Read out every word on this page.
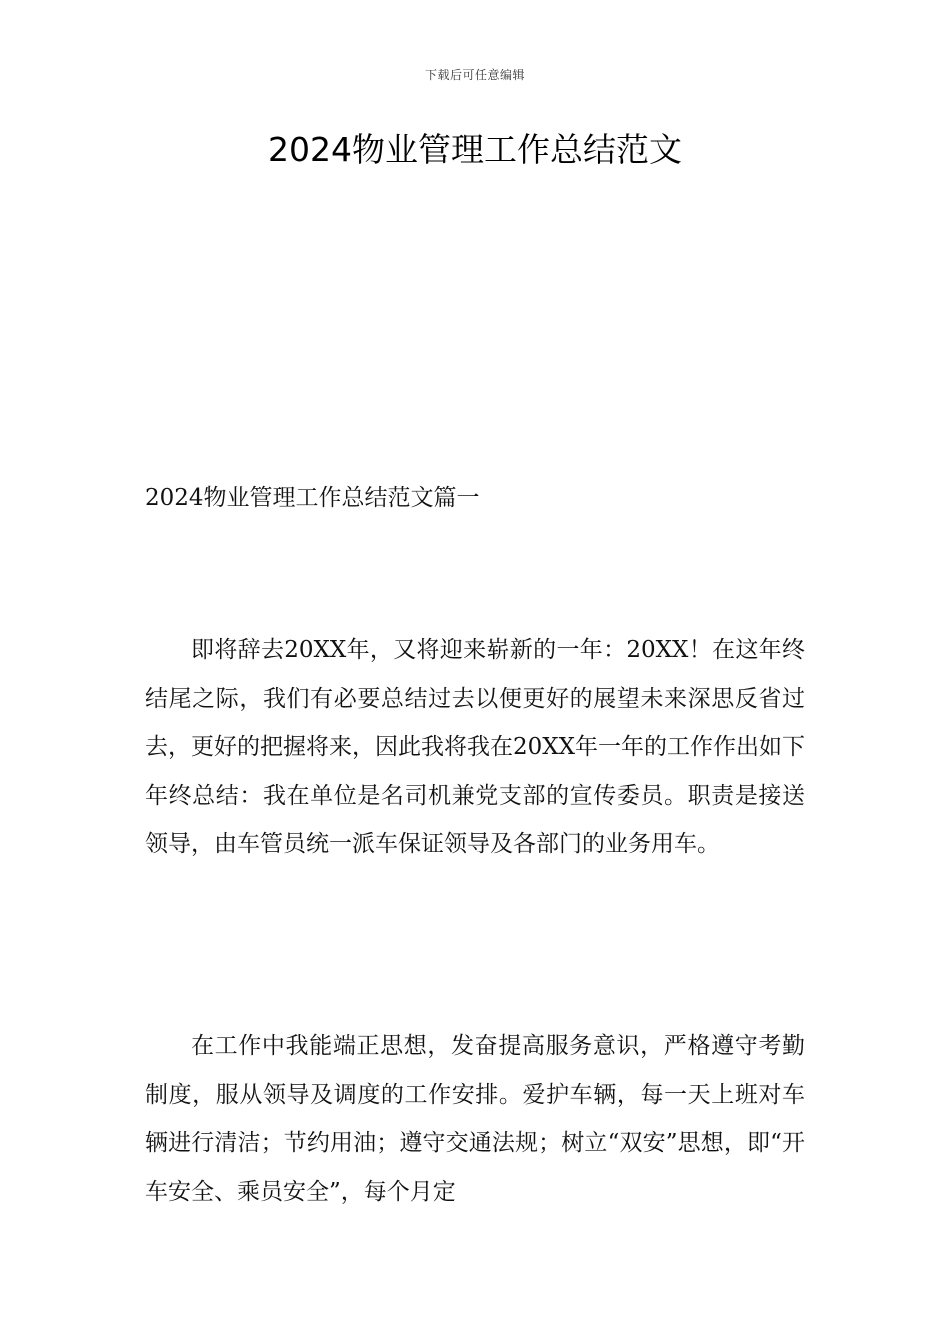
下载后可任意编辑
2024物业管理工作总结范文
2024物业管理工作总结范文篇一

即将辞去20XX年，又将迎来崭新的一年：20XX！在这年终结尾之际，我们有必要总结过去以便更好的展望未来深思反省过去，更好的把握将来，因此我将我在20XX年一年的工作作出如下年终总结：我在单位是名司机兼党支部的宣传委员。职责是接送领导，由车管员统一派车保证领导及各部门的业务用车。

在工作中我能端正思想，发奋提高服务意识，严格遵守考勤制度，服从领导及调度的工作安排。爱护车辆，每一天上班对车辆进行清洁；节约用油；遵守交通法规；树立“双安”思想，即“开车安全、乘员安全”，每个月定
